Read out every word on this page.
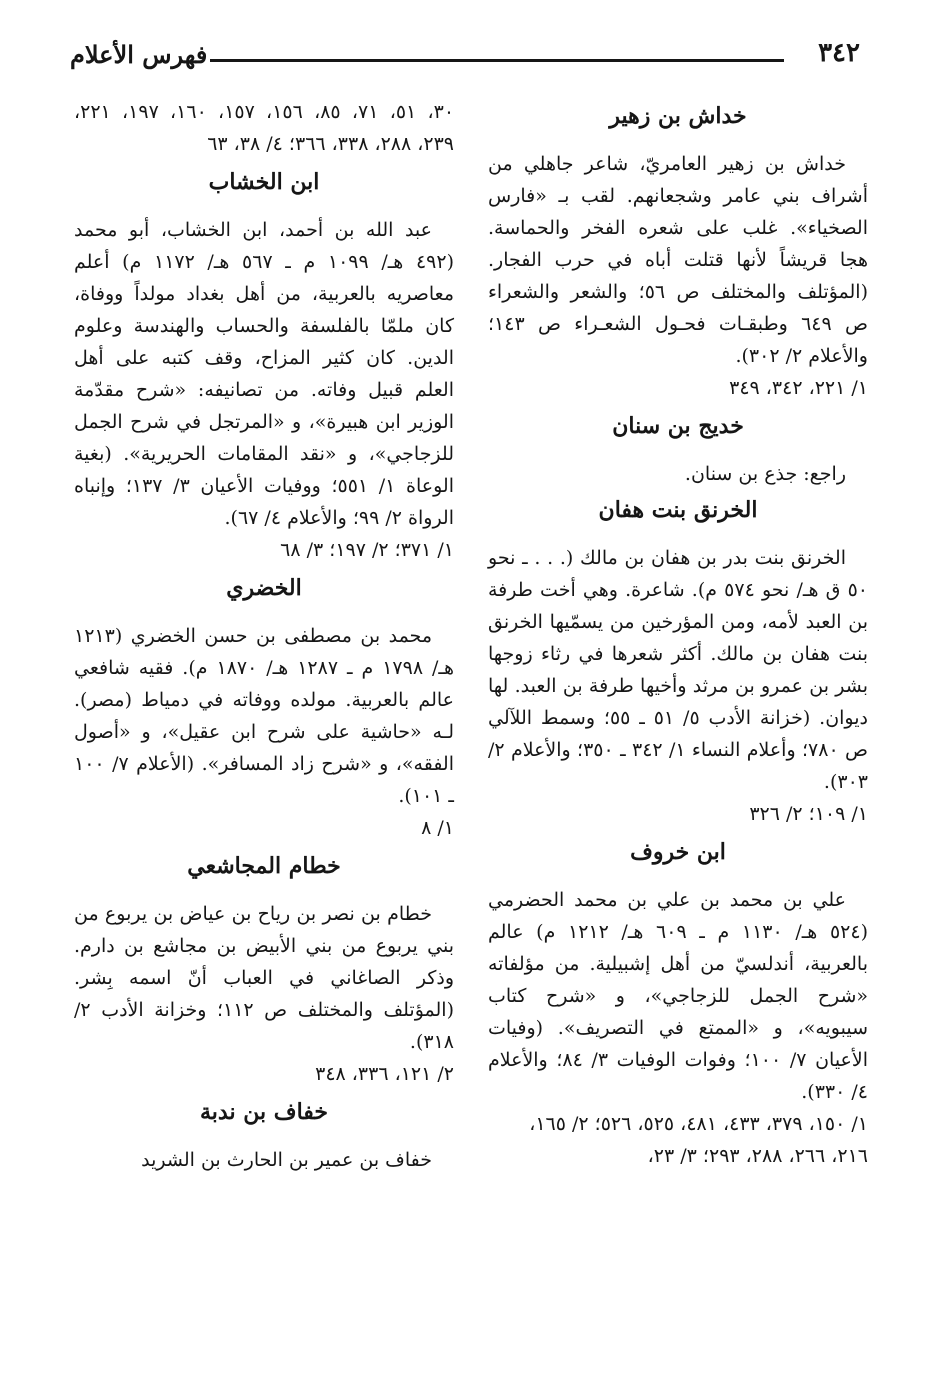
٣٤٢
فهرس الأعلام
خداش بن زهير

خداش بن زهير العامريّ، شاعر جاهلي من أشراف بني عامر وشجعانهم. لقب بـ «فارس الصخياء». غلب على شعره الفخر والحماسة. هجا قريشاً لأنها قتلت أباه في حرب الفجار. (المؤتلف والمختلف ص ٥٦؛ والشعر والشعراء ص ٦٤٩ وطبقـات فحـول الشعـراء ص ١٤٣؛ والأعلام ٢/ ٣٠٢).

١/ ٢٢١، ٣٤٢، ٣٤٩

خديج بن سنان

راجع: جذع بن سنان.

الخرنق بنت هفان

الخرنق بنت بدر بن هفان بن مالك (. . . ـ نحو ٥٠ ق هـ/ نحو ٥٧٤ م). شاعرة. وهي أخت طرفة بن العبد لأمه، ومن المؤرخين من يسمّيها الخرنق بنت هفان بن مالك. أكثر شعرها في رثاء زوجها بشر بن عمرو بن مرثد وأخيها طرفة بن العبد. لها ديوان. (خزانة الأدب ٥/ ٥١ ـ ٥٥؛ وسمط اللآلي ص ٧٨٠؛ وأعلام النساء ١/ ٣٤٢ ـ ٣٥٠؛ والأعلام ٢/ ٣٠٣).

١/ ١٠٩؛ ٢/ ٣٢٦

ابن خروف

علي بن محمد بن علي بن محمد الحضرمي (٥٢٤ هـ/ ١١٣٠ م ـ ٦٠٩ هـ/ ١٢١٢ م) عالم بالعربية، أندلسيّ من أهل إشبيلية. من مؤلفاته «شرح الجمل للزجاجي»، و «شرح كتاب سيبويه»، و «الممتع في التصريف». (وفيات الأعيان ٧/ ١٠٠؛ وفوات الوفيات ٣/ ٨٤؛ والأعلام ٤/ ٣٣٠).

١/ ١٥٠، ٣٧٩، ٤٣٣، ٤٨١، ٥٢٥، ٥٢٦؛ ٢/ ١٦٥، ٢١٦، ٢٦٦، ٢٨٨، ٢٩٣؛ ٣/ ٢٣،

٣٠، ٥١، ٧١، ٨٥، ١٥٦، ١٥٧، ١٦٠، ١٩٧، ٢٢١، ٢٣٩، ٢٨٨، ٣٣٨، ٣٦٦؛ ٤/ ٣٨، ٦٣

ابن الخشاب

عبد الله بن أحمد، ابن الخشاب، أبو محمد (٤٩٢ هـ/ ١٠٩٩ م ـ ٥٦٧ هـ/ ١١٧٢ م) أعلم معاصريه بالعربية، من أهل بغداد مولداً ووفاة، كان ملمّا بالفلسفة والحساب والهندسة وعلوم الدين. كان كثير المزاح، وقف كتبه على أهل العلم قبيل وفاته. من تصانيفه: «شرح مقدّمة الوزير ابن هبيرة»، و «المرتجل في شرح الجمل للزجاجي»، و «نقد المقامات الحريرية». (بغية الوعاة ١/ ٥٥١؛ ووفيات الأعيان ٣/ ١٣٧؛ وإنباه الرواة ٢/ ٩٩؛ والأعلام ٤/ ٦٧).

١/ ٣٧١؛ ٢/ ١٩٧؛ ٣/ ٦٨

الخضري

محمد بن مصطفى بن حسن الخضري (١٢١٣ هـ/ ١٧٩٨ م ـ ١٢٨٧ هـ/ ١٨٧٠ م). فقيه شافعي عالم بالعربية. مولده ووفاته في دمياط (مصر). لـه «حاشية على شرح ابن عقيل»، و «أصول الفقه»، و «شرح زاد المسافر». (الأعلام ٧/ ١٠٠ ـ ١٠١).

١/ ٨

خطام المجاشعي

خطام بن نصر بن رياح بن عياض بن يربوع من بني يربوع من بني الأبيض بن مجاشع بن دارم. وذكر الصاغاني في العباب أنّ اسمه بِشر. (المؤتلف والمختلف ص ١١٢؛ وخزانة الأدب ٢/ ٣١٨).

٢/ ١٢١، ٣٣٦، ٣٤٨

خفاف بن ندبة

خفاف بن عمير بن الحارث بن الشريد
